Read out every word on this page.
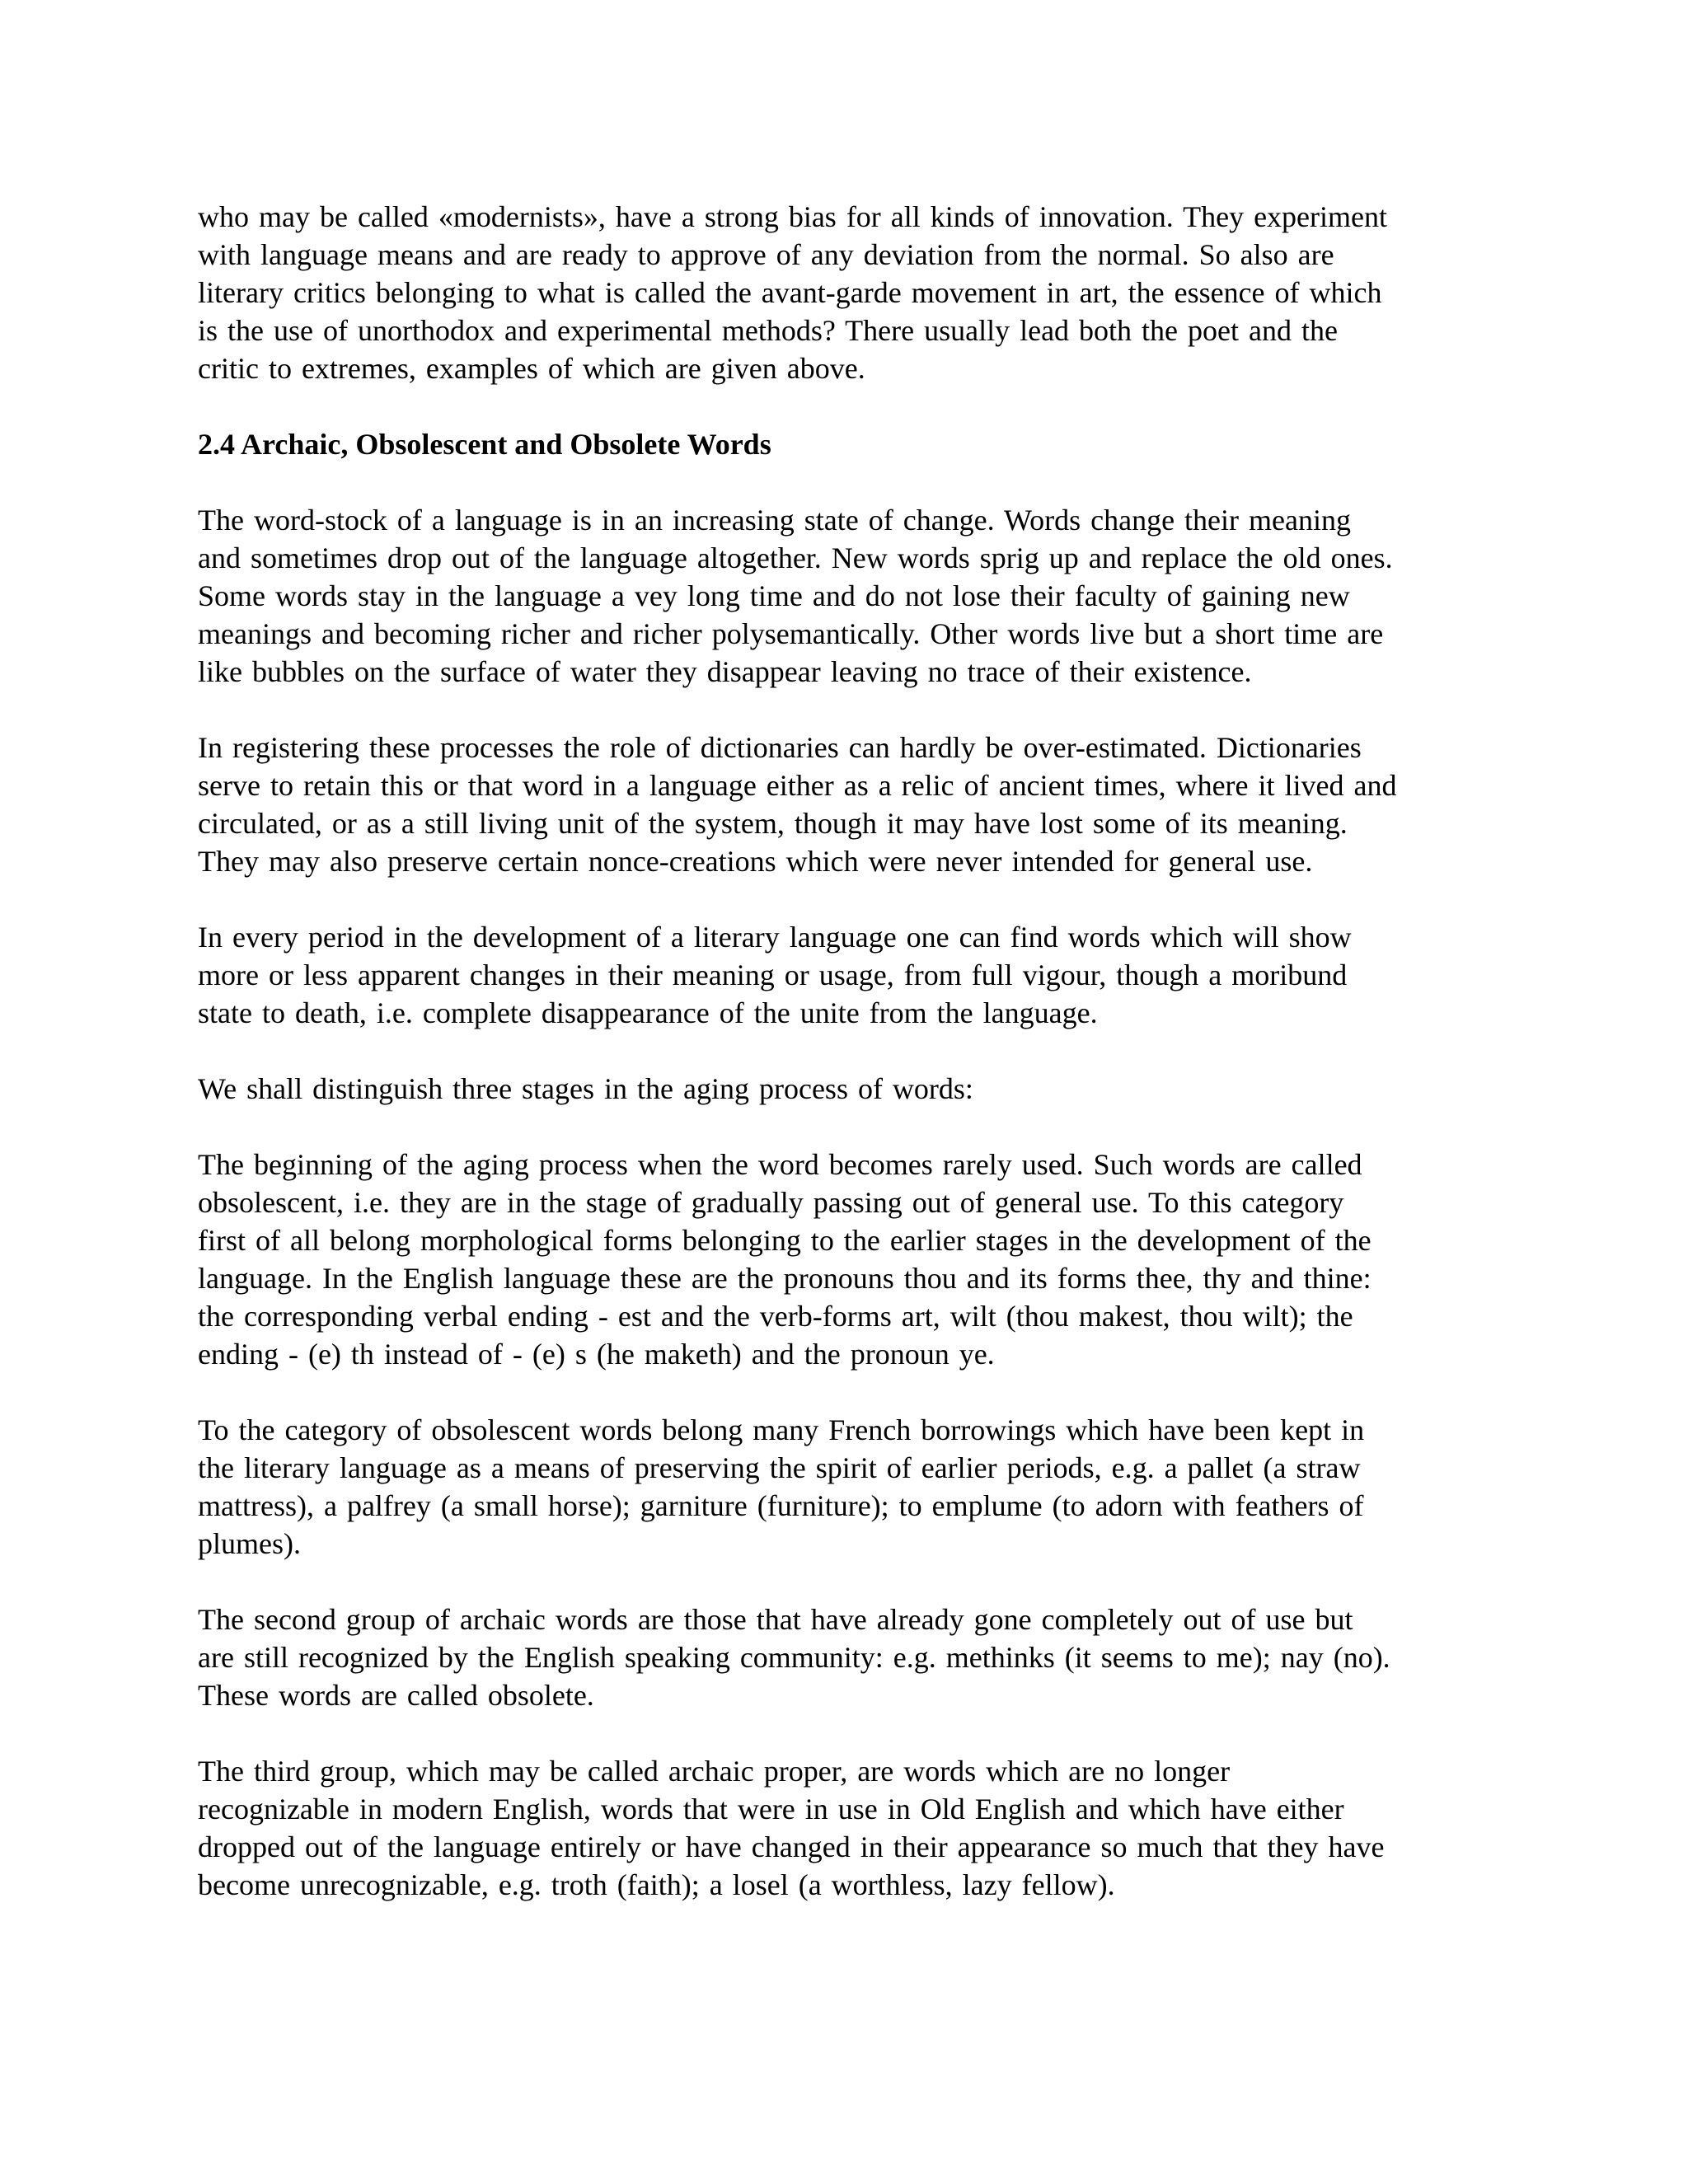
who may be called «modernists», have a strong bias for all kinds of innovation. They experiment
with language means and are ready to approve of any deviation from the normal. So also are
literary critics belonging to what is called the avant-garde movement in art, the essence of which
is the use of unorthodox and experimental methods? There usually lead both the poet and the
critic to extremes, examples of which are given above.

2.4 Archaic, Obsolescent and Obsolete Words

The word-stock of a language is in an increasing state of change. Words change their meaning
and sometimes drop out of the language altogether. New words sprig up and replace the old ones.
Some words stay in the language a vey long time and do not lose their faculty of gaining new
meanings and becoming richer and richer polysemantically. Other words live but a short time are
like bubbles on the surface of water they disappear leaving no trace of their existence.

In registering these processes the role of dictionaries can hardly be over-estimated. Dictionaries
serve to retain this or that word in a language either as a relic of ancient times, where it lived and
circulated, or as a still living unit of the system, though it may have lost some of its meaning.
They may also preserve certain nonce-creations which were never intended for general use.

In every period in the development of a literary language one can find words which will show
more or less apparent changes in their meaning or usage, from full vigour, though a moribund
state to death, i.e. complete disappearance of the unite from the language.

We shall distinguish three stages in the aging process of words:

The beginning of the aging process when the word becomes rarely used. Such words are called
obsolescent, i.e. they are in the stage of gradually passing out of general use. To this category
first of all belong morphological forms belonging to the earlier stages in the development of the
language. In the English language these are the pronouns thou and its forms thee, thy and thine:
the corresponding verbal ending - est and the verb-forms art, wilt (thou makest, thou wilt); the
ending - (e) th instead of - (e) s (he maketh) and the pronoun ye.

To the category of obsolescent words belong many French borrowings which have been kept in
the literary language as a means of preserving the spirit of earlier periods, e.g. a pallet (a straw
mattress), a palfrey (a small horse); garniture (furniture); to emplume (to adorn with feathers of
plumes).

The second group of archaic words are those that have already gone completely out of use but
are still recognized by the English speaking community: e.g. methinks (it seems to me); nay (no).
These words are called obsolete.

The third group, which may be called archaic proper, are words which are no longer
recognizable in modern English, words that were in use in Old English and which have either
dropped out of the language entirely or have changed in their appearance so much that they have
become unrecognizable, e.g. troth (faith); a losel (a worthless, lazy fellow).
